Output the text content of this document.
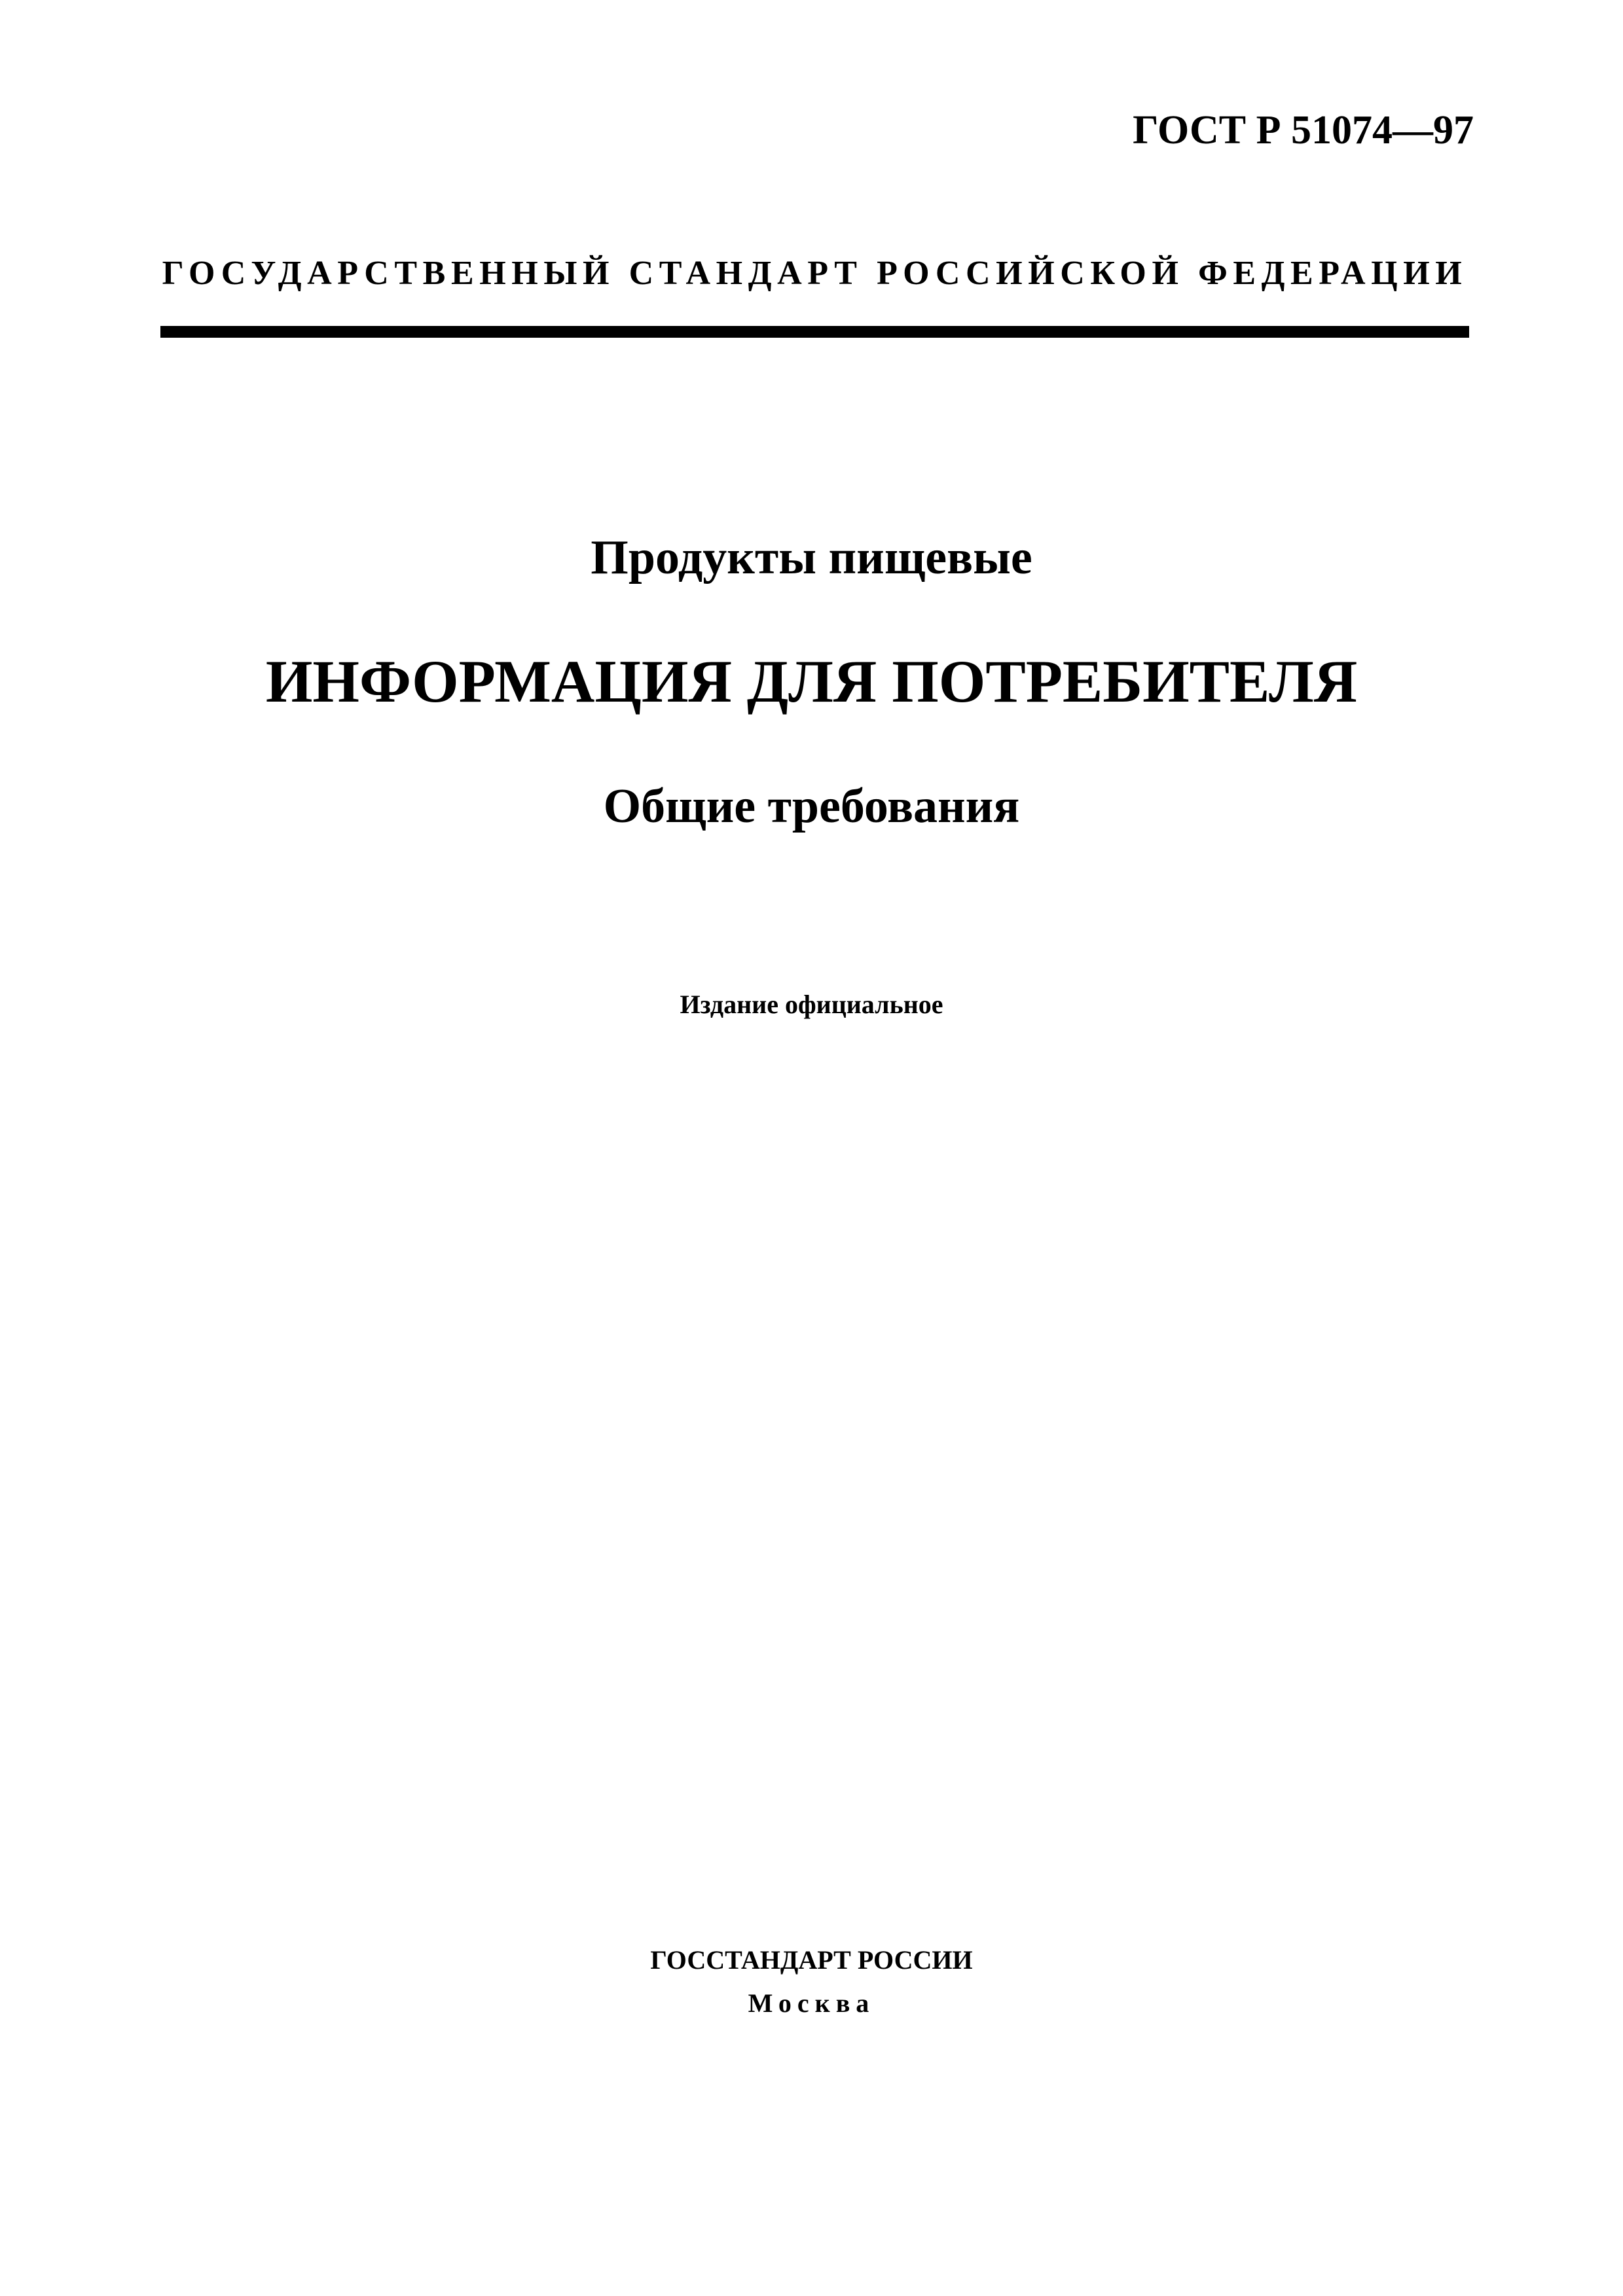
ГОСТ Р 51074—97
ГОСУДАРСТВЕННЫЙ СТАНДАРТ РОССИЙСКОЙ ФЕДЕРАЦИИ
Продукты пищевые
ИНФОРМАЦИЯ ДЛЯ ПОТРЕБИТЕЛЯ
Общие требования
Издание официальное
ГОССТАНДАРТ РОССИИ
Москва
